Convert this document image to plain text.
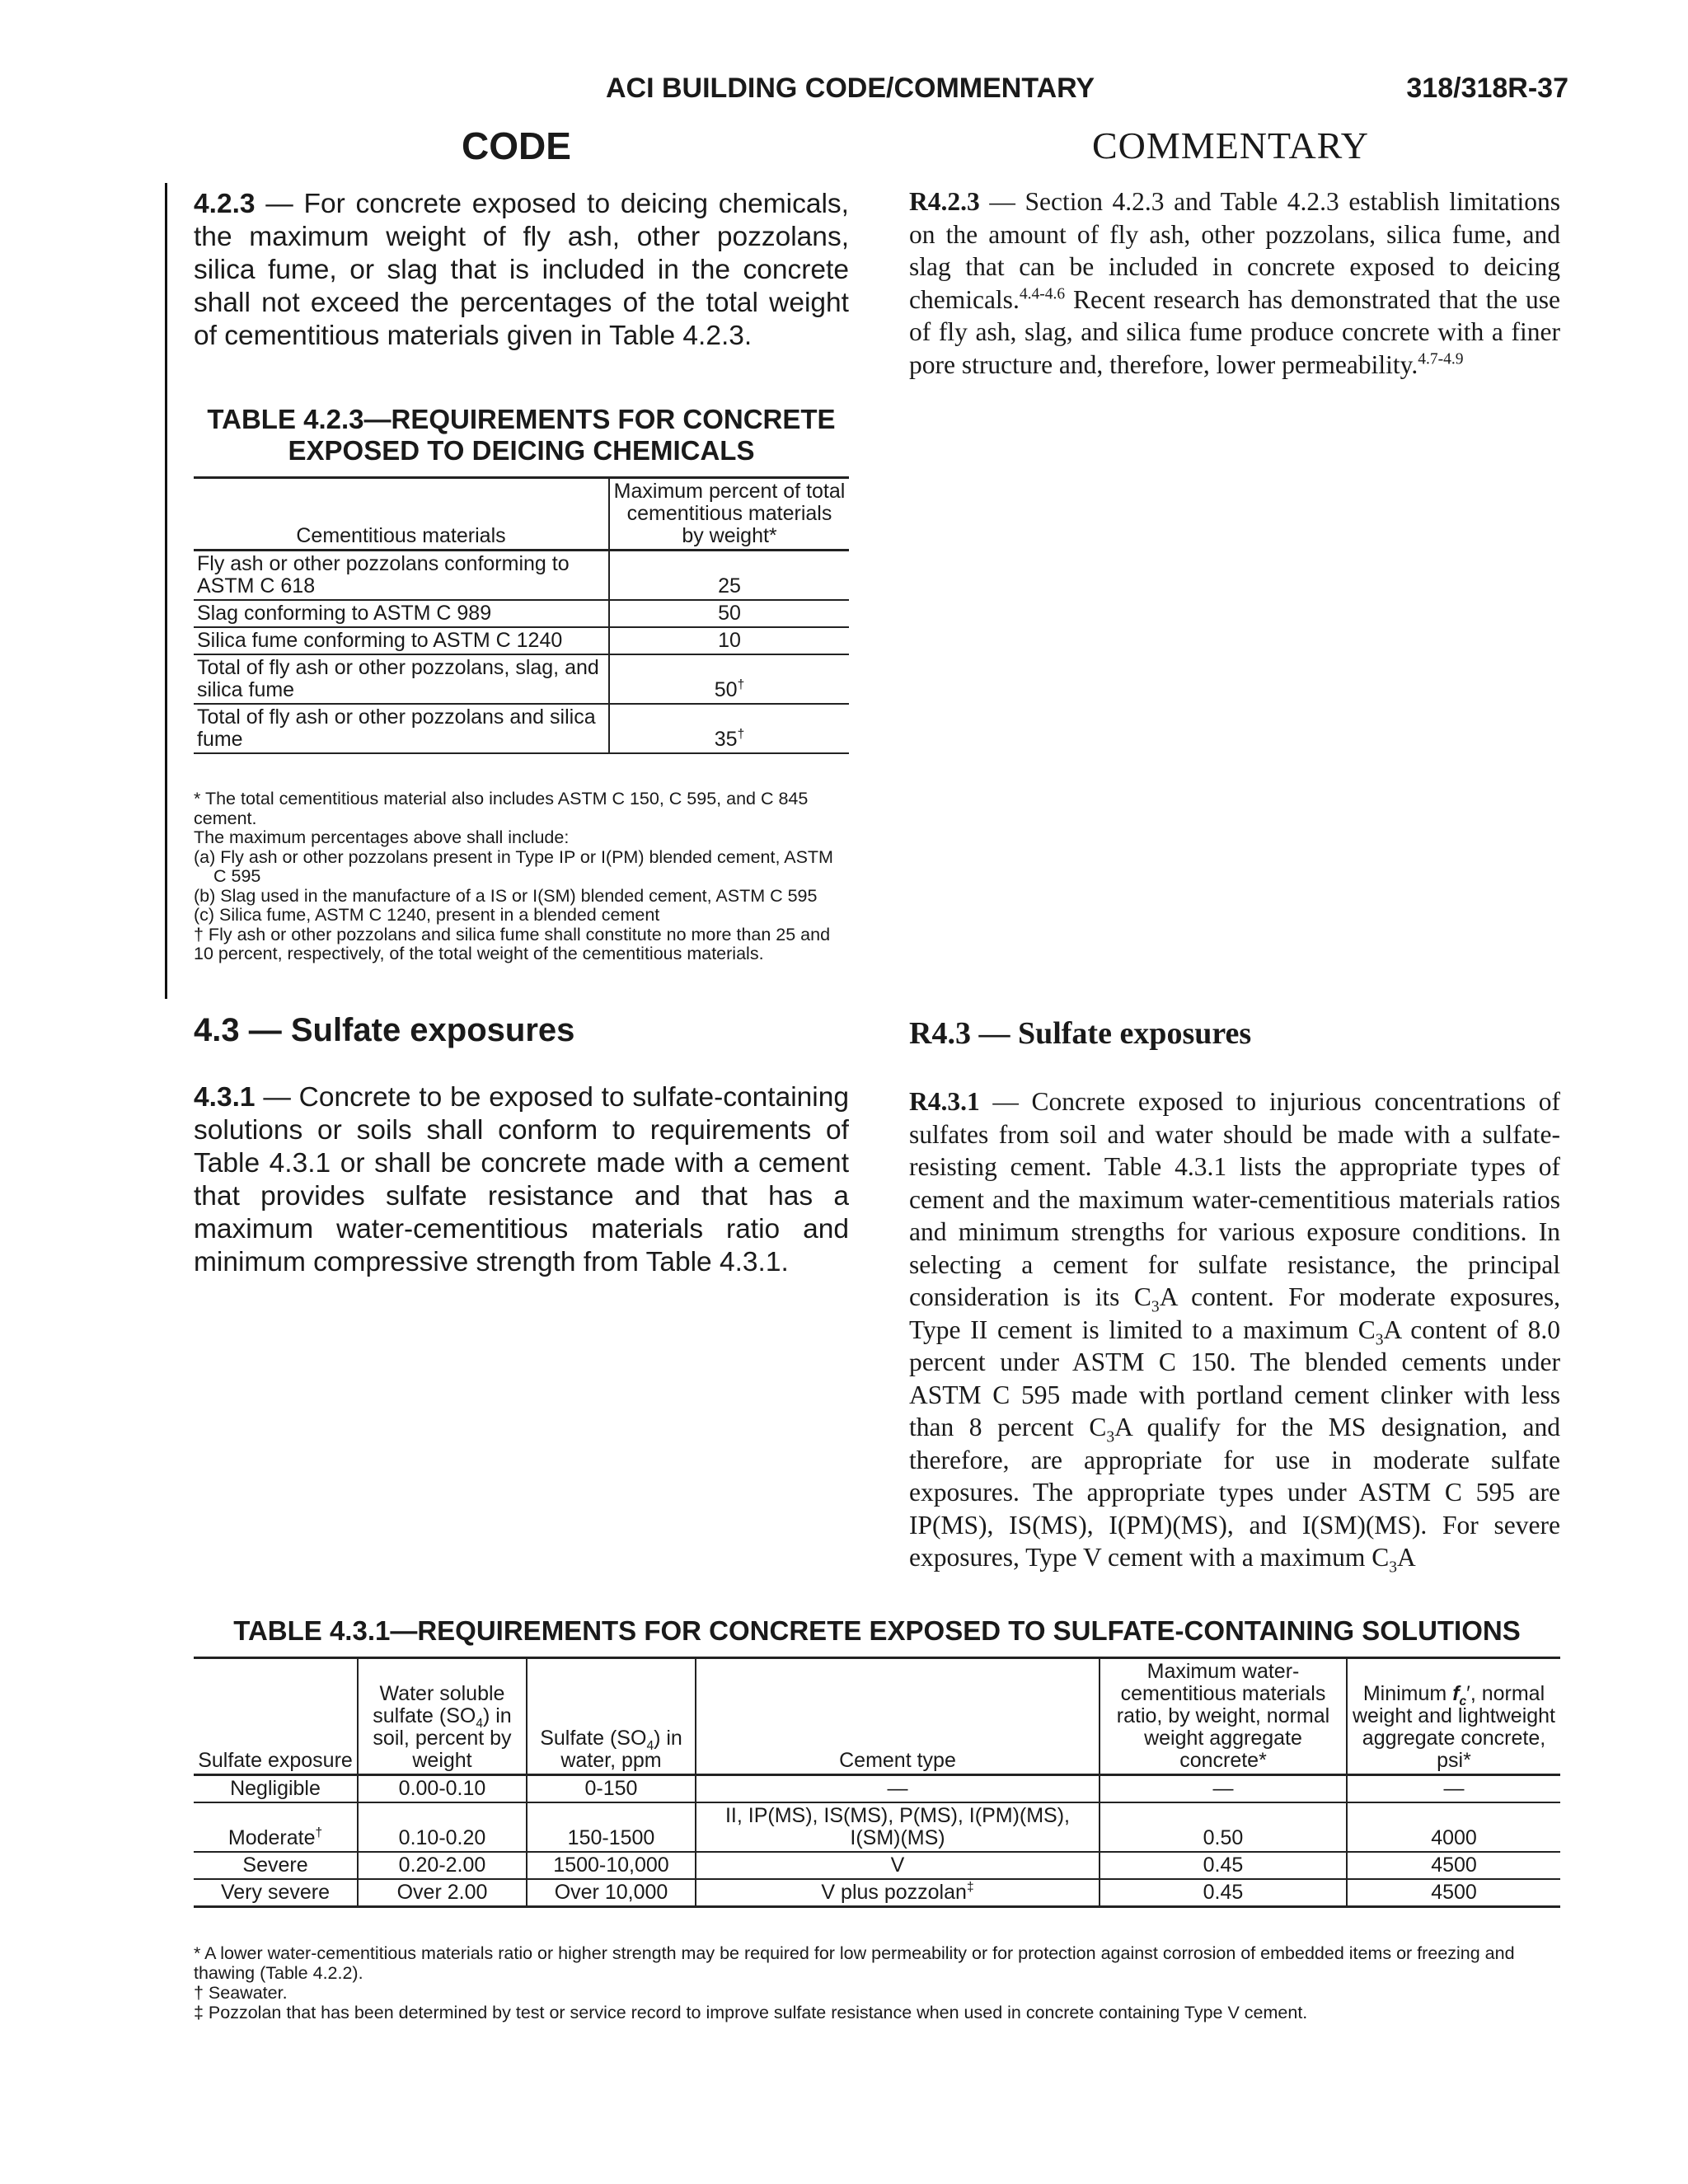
ACI BUILDING CODE/COMMENTARY	318/318R-37
CODE	COMMENTARY
4.2.3 — For concrete exposed to deicing chemicals, the maximum weight of fly ash, other pozzolans, silica fume, or slag that is included in the concrete shall not exceed the percentages of the total weight of cementitious materials given in Table 4.2.3.
R4.2.3 — Section 4.2.3 and Table 4.2.3 establish limitations on the amount of fly ash, other pozzolans, silica fume, and slag that can be included in concrete exposed to deicing chemicals.$^{4.4-4.6}$ Recent research has demonstrated that the use of fly ash, slag, and silica fume produce concrete with a finer pore structure and, therefore, lower permeability.$^{4.7-4.9}$
TABLE 4.2.3—REQUIREMENTS FOR CONCRETE
EXPOSED TO DEICING CHEMICALS
Cementitious materials	Maximum percent of total cementitious materials by weight*
Fly ash or other pozzolans conforming to ASTM C 618	25
Slag conforming to ASTM C 989	50
Silica fume conforming to ASTM C 1240	10
Total of fly ash or other pozzolans, slag, and silica fume	50†
Total of fly ash or other pozzolans and silica fume	35†
* The total cementitious material also includes ASTM C 150, C 595, and C 845 cement.
The maximum percentages above shall include:
(a) Fly ash or other pozzolans present in Type IP or I(PM) blended cement, ASTM C 595
(b) Slag used in the manufacture of a IS or I(SM) blended cement, ASTM C 595
(c) Silica fume, ASTM C 1240, present in a blended cement
† Fly ash or other pozzolans and silica fume shall constitute no more than 25 and 10 percent, respectively, of the total weight of the cementitious materials.
4.3 — Sulfate exposures	R4.3 — Sulfate exposures
4.3.1 — Concrete to be exposed to sulfate-containing solutions or soils shall conform to requirements of Table 4.3.1 or shall be concrete made with a cement that provides sulfate resistance and that has a maximum water-cementitious materials ratio and minimum compressive strength from Table 4.3.1.
R4.3.1 — Concrete exposed to injurious concentrations of sulfates from soil and water should be made with a sulfate-resisting cement. Table 4.3.1 lists the appropriate types of cement and the maximum water-cementitious materials ratios and minimum strengths for various exposure conditions. In selecting a cement for sulfate resistance, the principal consideration is its $C_3A$ content. For moderate exposures, Type II cement is limited to a maximum $C_3A$ content of 8.0 percent under ASTM C 150. The blended cements under ASTM C 595 made with portland cement clinker with less than 8 percent $C_3A$ qualify for the MS designation, and therefore, are appropriate for use in moderate sulfate exposures. The appropriate types under ASTM C 595 are IP(MS), IS(MS), I(PM)(MS), and I(SM)(MS). For severe exposures, Type V cement with a maximum $C_3A$
TABLE 4.3.1—REQUIREMENTS FOR CONCRETE EXPOSED TO SULFATE-CONTAINING SOLUTIONS
Sulfate exposure	Water soluble sulfate $(SO_4)$ in soil, percent by weight	Sulfate $(SO_4)$ in water, ppm	Cement type	Maximum water-cementitious materials ratio, by weight, normal weight aggregate concrete*	Minimum $f_c'$, normal weight and lightweight aggregate concrete, psi*
Negligible	0.00-0.10	0-150	—	—	—
Moderate†	0.10-0.20	150-1500	II, IP(MS), IS(MS), P(MS), I(PM)(MS), I(SM)(MS)	0.50	4000
Severe	0.20-2.00	1500-10,000	V	0.45	4500
Very severe	Over 2.00	Over 10,000	V plus pozzolan‡	0.45	4500
* A lower water-cementitious materials ratio or higher strength may be required for low permeability or for protection against corrosion of embedded items or freezing and thawing (Table 4.2.2).
† Seawater.
‡ Pozzolan that has been determined by test or service record to improve sulfate resistance when used in concrete containing Type V cement.
